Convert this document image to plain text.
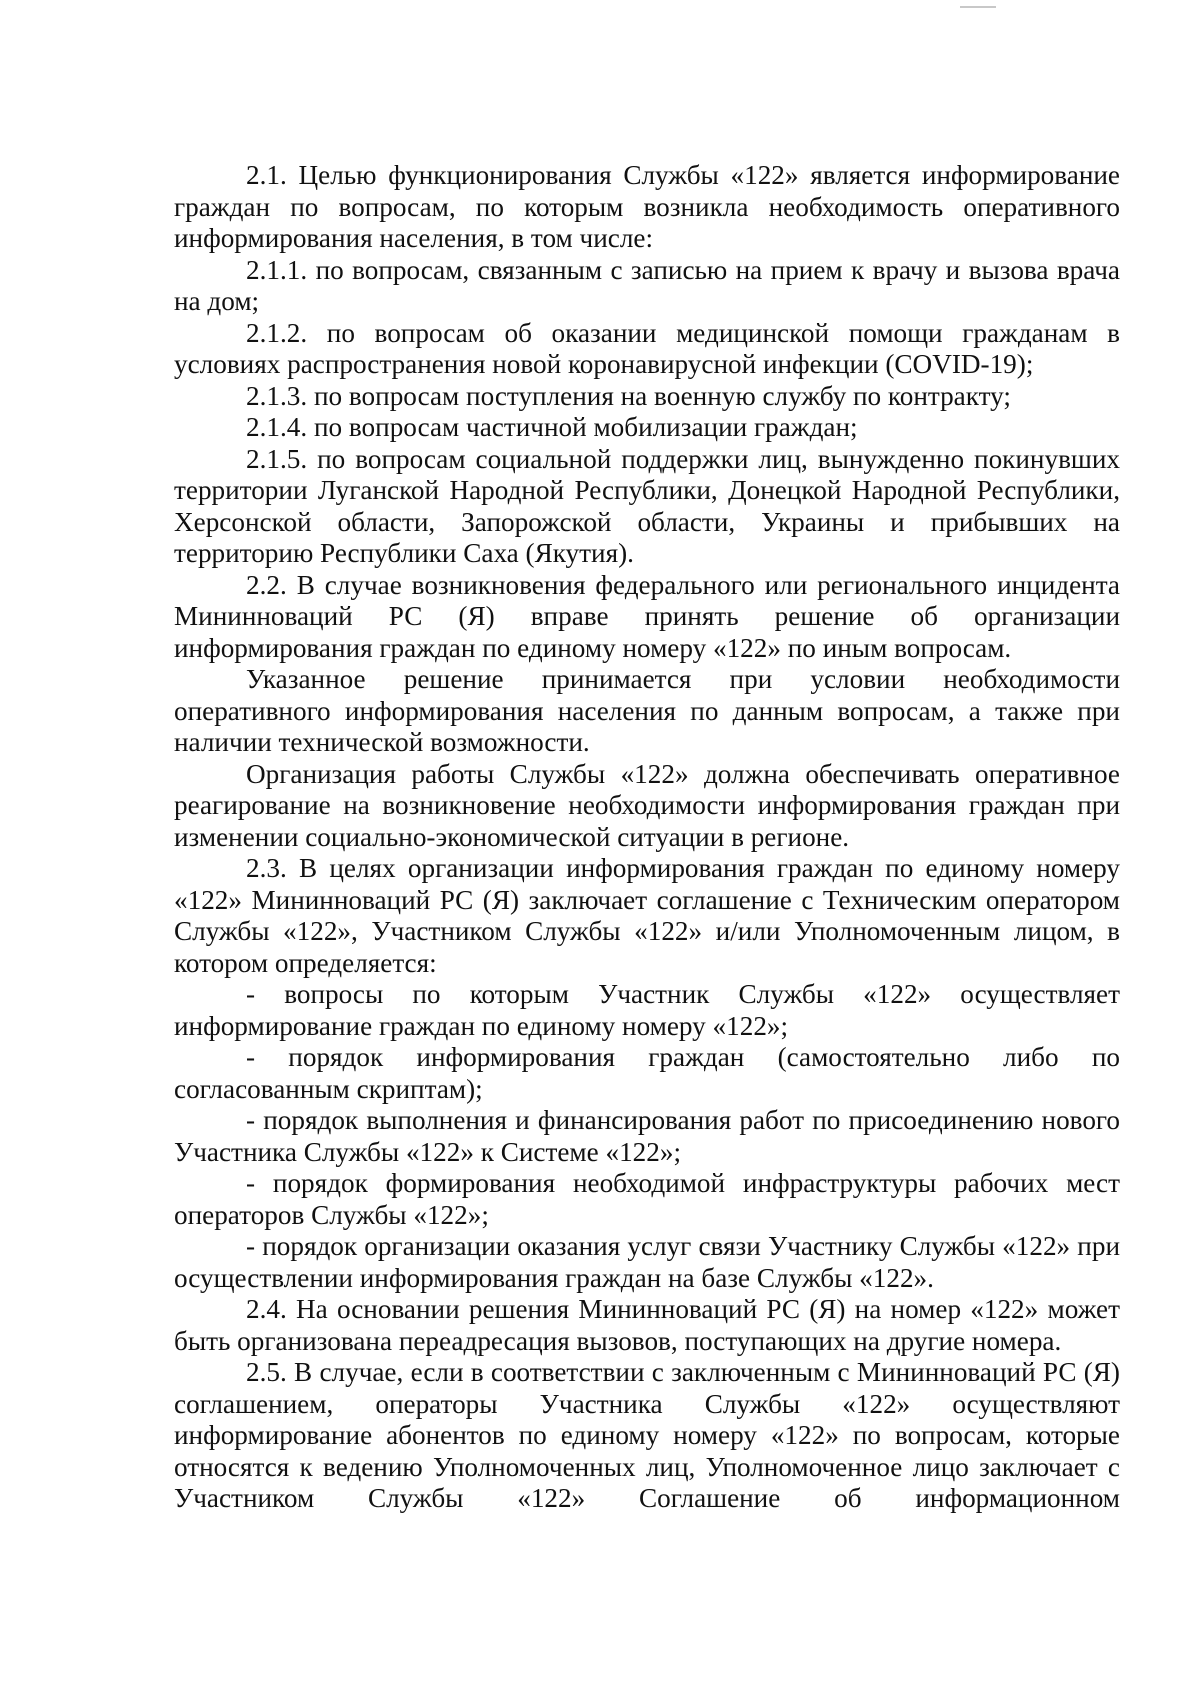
2.1. Целью функционирования Службы «122» является информирование граждан по вопросам, по которым возникла необходимость оперативного информирования населения, в том числе:

2.1.1. по вопросам, связанным с записью на прием к врачу и вызова врача на дом;

2.1.2. по вопросам об оказании медицинской помощи гражданам в условиях распространения новой коронавирусной инфекции (COVID-19);

2.1.3. по вопросам поступления на военную службу по контракту;

2.1.4. по вопросам частичной мобилизации граждан;

2.1.5. по вопросам социальной поддержки лиц, вынужденно покинувших территории Луганской Народной Республики, Донецкой Народной Республики, Херсонской области, Запорожской области, Украины и прибывших на территорию Республики Саха (Якутия).

2.2. В случае возникновения федерального или регионального инцидента Мининноваций РС (Я) вправе принять решение об организации информирования граждан по единому номеру «122» по иным вопросам.

Указанное решение принимается при условии необходимости оперативного информирования населения по данным вопросам, а также при наличии технической возможности.

Организация работы Службы «122» должна обеспечивать оперативное реагирование на возникновение необходимости информирования граждан при изменении социально-экономической ситуации в регионе.

2.3. В целях организации информирования граждан по единому номеру «122» Мининноваций РС (Я) заключает соглашение с Техническим оператором Службы «122», Участником Службы «122» и/или Уполномоченным лицом, в котором определяется:

- вопросы по которым Участник Службы «122» осуществляет информирование граждан по единому номеру «122»;

- порядок информирования граждан (самостоятельно либо по согласованным скриптам);

- порядок выполнения и финансирования работ по присоединению нового Участника Службы «122» к Системе «122»;

- порядок формирования необходимой инфраструктуры рабочих мест операторов Службы «122»;

- порядок организации оказания услуг связи Участнику Службы «122» при осуществлении информирования граждан на базе Службы «122».

2.4. На основании решения Мининноваций РС (Я) на номер «122» может быть организована переадресация вызовов, поступающих на другие номера.

2.5. В случае, если в соответствии с заключенным с Мининноваций РС (Я) соглашением, операторы Участника Службы «122» осуществляют информирование абонентов по единому номеру «122» по вопросам, которые относятся к ведению Уполномоченных лиц, Уполномоченное лицо заключает с Участником Службы «122» Соглашение об информационном
